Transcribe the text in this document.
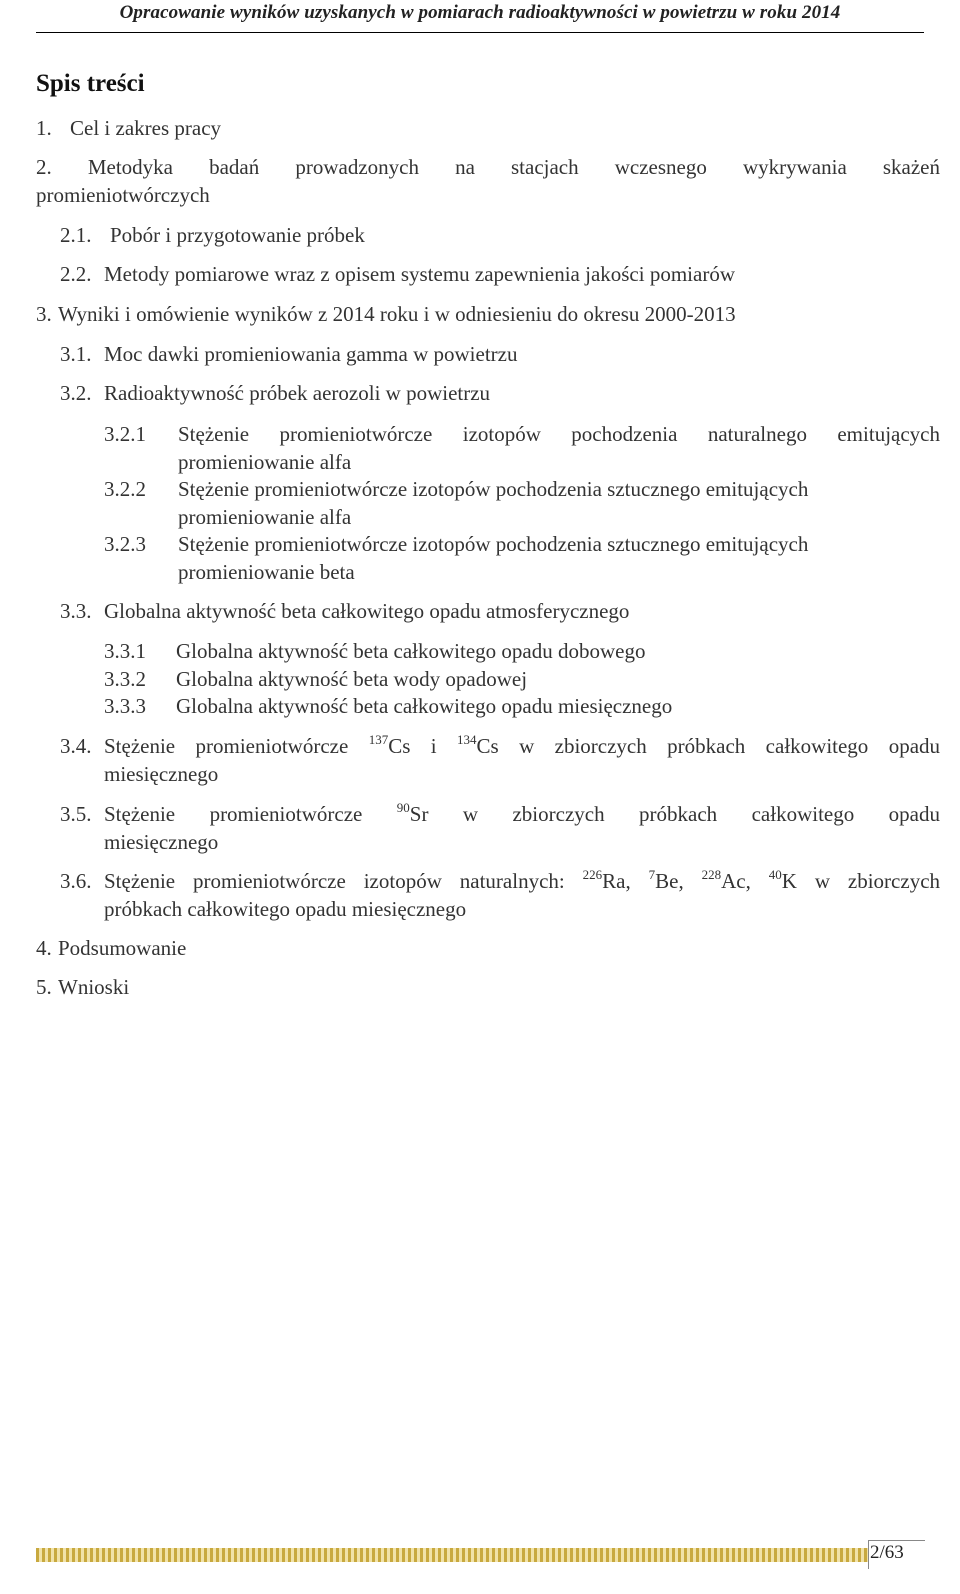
Opracowanie wyników uzyskanych w pomiarach radioaktywności w powietrzu w roku 2014
Spis treści
1. Cel i zakres pracy
2. Metodyka badań prowadzonych na stacjach wczesnego wykrywania skażeń
promieniotwórczych
2.1. Pobór i przygotowanie próbek
2.2. Metody pomiarowe wraz z opisem systemu zapewnienia jakości pomiarów
3. Wyniki i omówienie wyników z 2014 roku i w odniesieniu do okresu 2000-2013
3.1. Moc dawki promieniowania gamma w powietrzu
3.2. Radioaktywność próbek aerozoli w powietrzu
3.2.1 Stężenie promieniotwórcze izotopów pochodzenia naturalnego emitujących
promieniowanie alfa
3.2.2 Stężenie promieniotwórcze izotopów pochodzenia sztucznego emitujących
promieniowanie alfa
3.2.3 Stężenie promieniotwórcze izotopów pochodzenia sztucznego emitujących
promieniowanie beta
3.3. Globalna aktywność beta całkowitego opadu atmosferycznego
3.3.1 Globalna aktywność beta całkowitego opadu dobowego
3.3.2 Globalna aktywność beta wody opadowej
3.3.3 Globalna aktywność beta całkowitego opadu miesięcznego
3.4. Stężenie promieniotwórcze $^{137}$Cs i $^{134}$Cs w zbiorczych próbkach całkowitego opadu
miesięcznego
3.5. Stężenie promieniotwórcze	$^{90}$Sr w zbiorczych próbkach całkowitego opadu
miesięcznego
3.6. Stężenie promieniotwórcze izotopów naturalnych: $^{226}$Ra, $^7$Be, $^{228}$Ac, $^{40}$K w zbiorczych
próbkach całkowitego opadu miesięcznego
4. Podsumowanie
5. Wnioski
2/63
